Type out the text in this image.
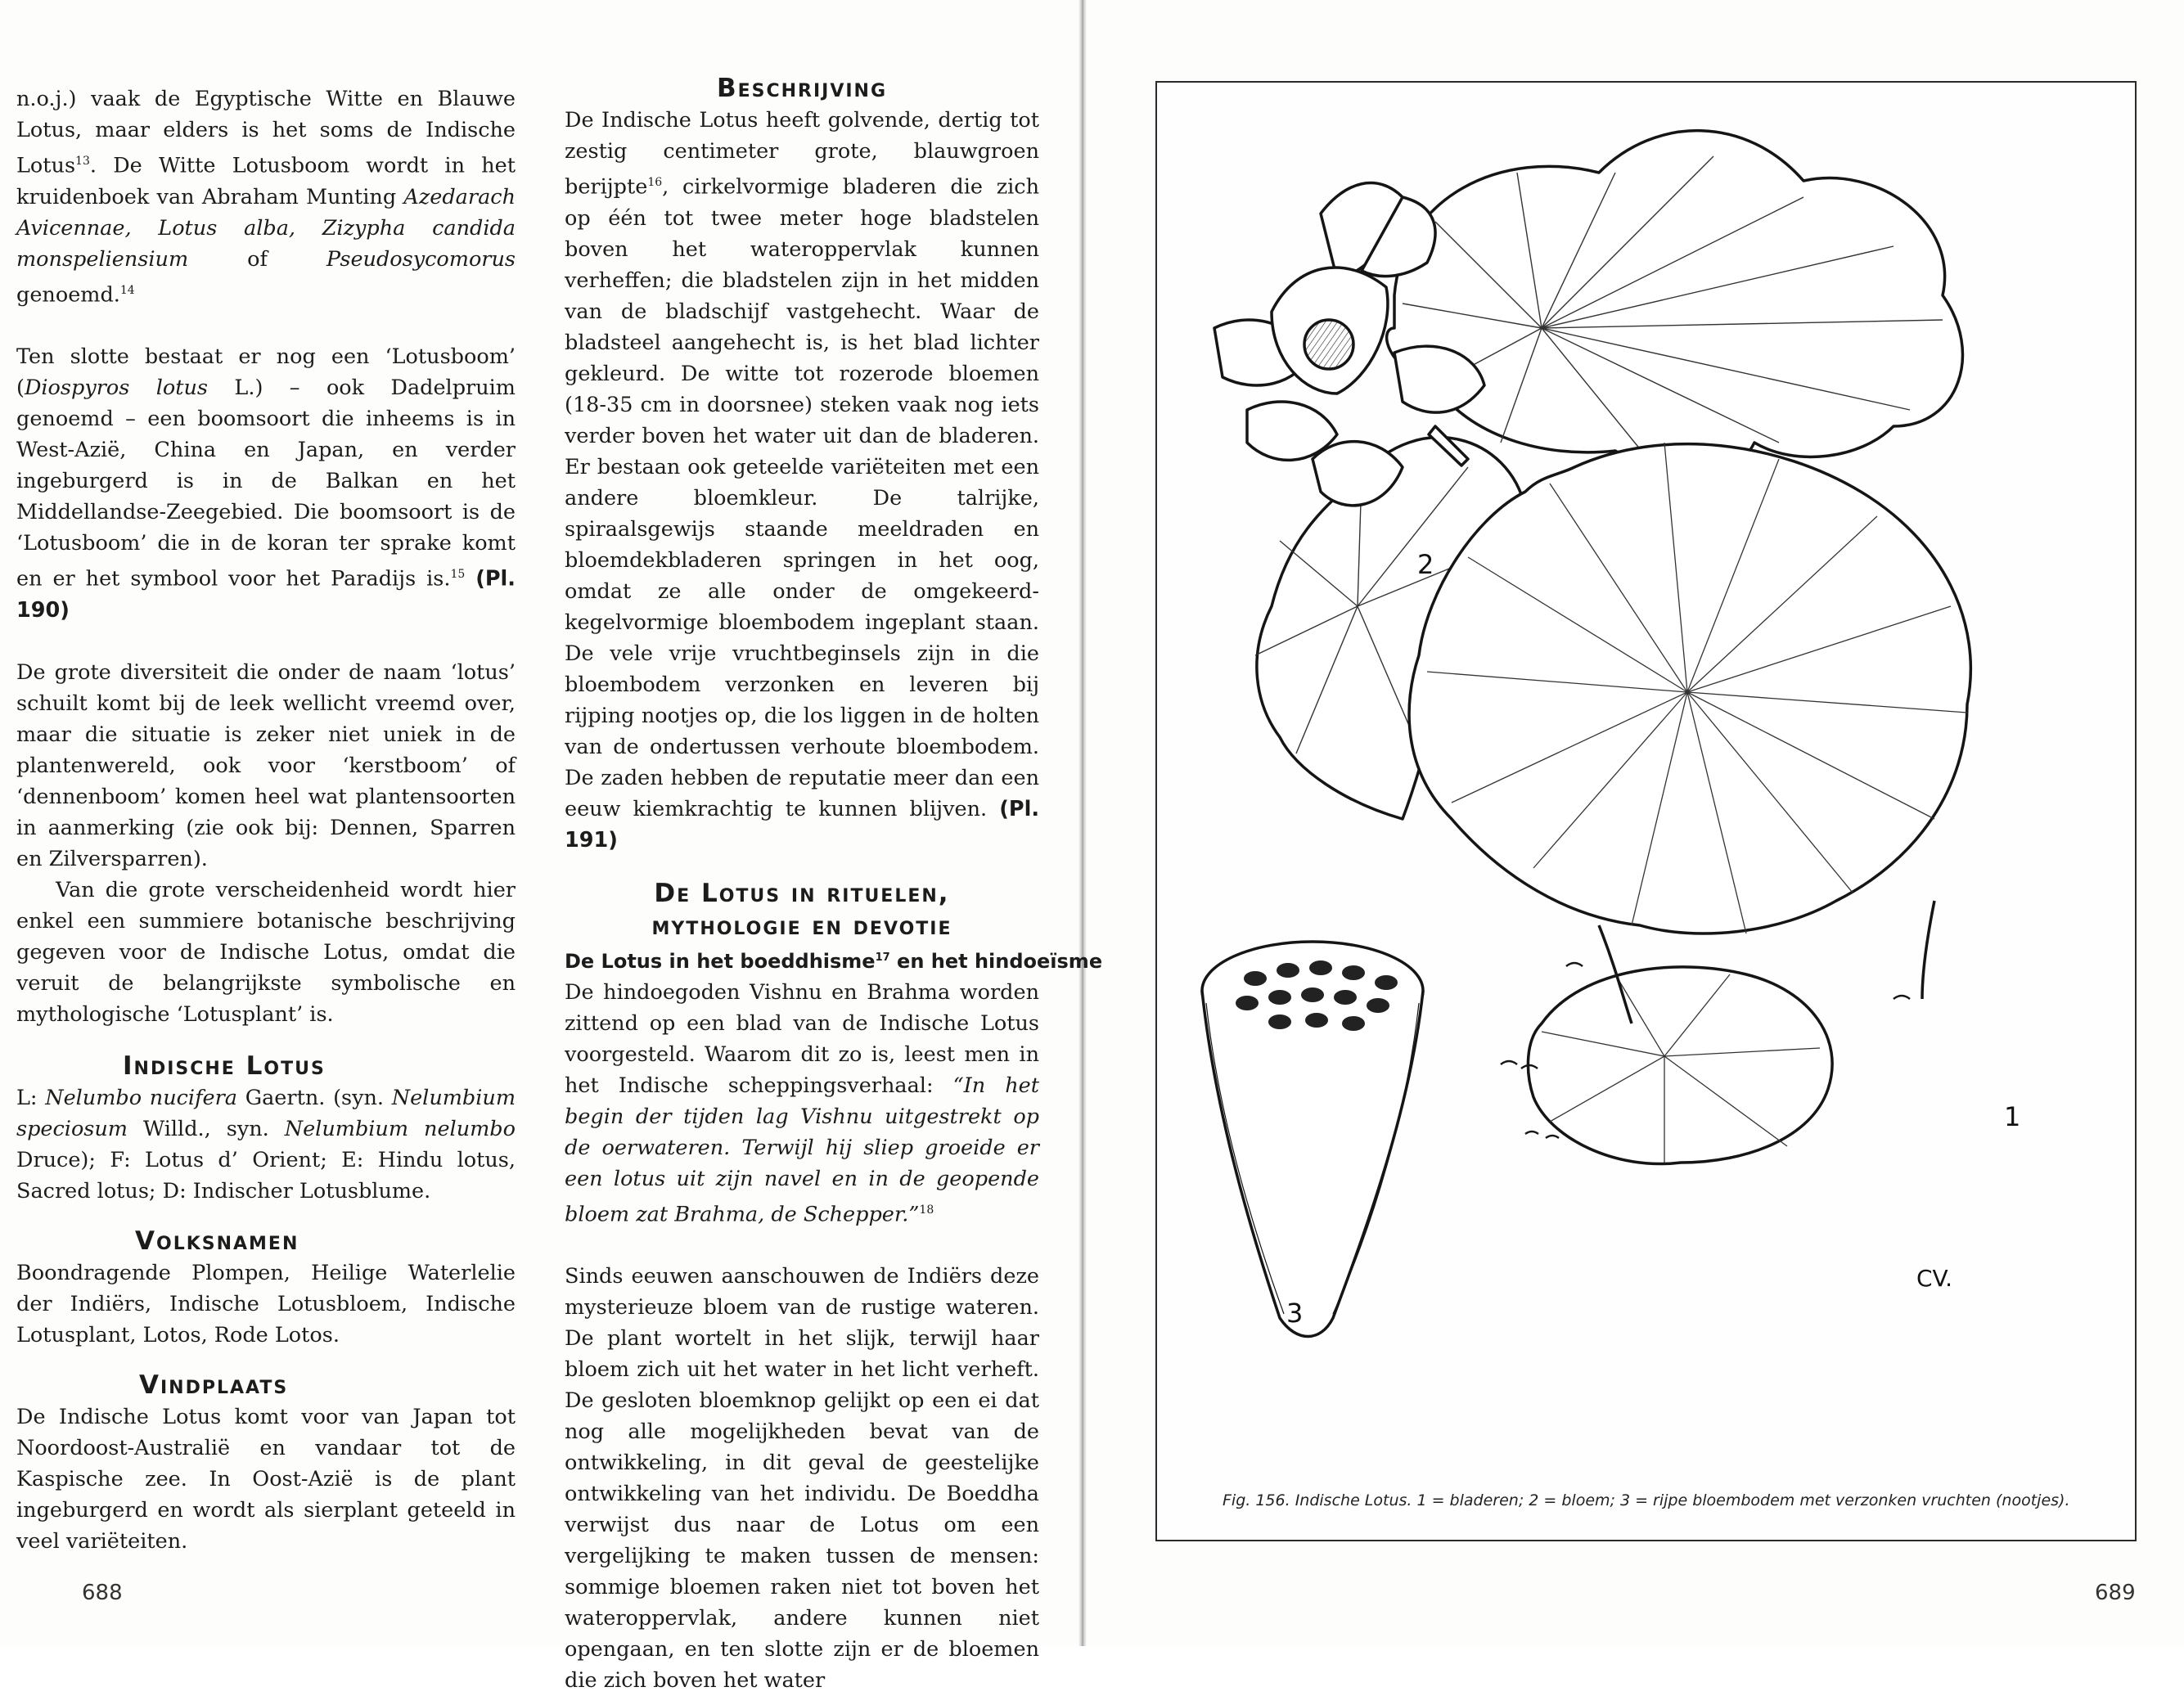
n.o.j.) vaak de Egyptische Witte en Blauwe Lotus, maar elders is het soms de Indische Lotus$^{13}$. De Witte Lotusboom wordt in het kruidenboek van Abraham Munting Azedarach Avicennae, Lotus alba, Zizypha candida monspeliensium of Pseudosycomorus genoemd.$^{14}$

Ten slotte bestaat er nog een ‘Lotusboom’ (Diospyros lotus L.) – ook Dadelpruim genoemd – een boomsoort die inheems is in West-Azië, China en Japan, en verder ingeburgerd is in de Balkan en het Middellandse-Zeegebied. Die boomsoort is de ‘Lotusboom’ die in de koran ter sprake komt en er het symbool voor het Paradijs is.$^{15}$ (Pl. 190)

De grote diversiteit die onder de naam ‘lotus’ schuilt komt bij de leek wellicht vreemd over, maar die situatie is zeker niet uniek in de plantenwereld, ook voor ‘kerstboom’ of ‘dennenboom’ komen heel wat plantensoorten in aanmerking (zie ook bij: Dennen, Sparren en Zilversparren).

Van die grote verscheidenheid wordt hier enkel een summiere botanische beschrijving gegeven voor de Indische Lotus, omdat die veruit de belangrijkste symbolische en mythologische ‘Lotusplant’ is.

Indische Lotus

L: Nelumbo nucifera Gaertn. (syn. Nelumbium speciosum Willd., syn. Nelumbium nelumbo Druce); F: Lotus d’ Orient; E: Hindu lotus, Sacred lotus; D: Indischer Lotusblume.

Volksnamen

Boondragende Plompen, Heilige Waterlelie der Indiërs, Indische Lotusbloem, Indische Lotusplant, Lotos, Rode Lotos.

Vindplaats

De Indische Lotus komt voor van Japan tot Noordoost-Australië en vandaar tot de Kaspische zee. In Oost-Azië is de plant ingeburgerd en wordt als sierplant geteeld in veel variëteiten.

Beschrijving

De Indische Lotus heeft golvende, dertig tot zestig centimeter grote, blauwgroen berijpte$^{16}$, cirkelvormige bladeren die zich op één tot twee meter hoge bladstelen boven het wateroppervlak kunnen verheffen; die bladstelen zijn in het midden van de bladschijf vastgehecht. Waar de bladsteel aangehecht is, is het blad lichter gekleurd. De witte tot rozerode bloemen (18-35 cm in doorsnee) steken vaak nog iets verder boven het water uit dan de bladeren. Er bestaan ook geteelde variëteiten met een andere bloemkleur. De talrijke, spiraalsgewijs staande meeldraden en bloemdekbladeren springen in het oog, omdat ze alle onder de omgekeerd-kegelvormige bloembodem ingeplant staan. De vele vrije vruchtbeginsels zijn in die bloembodem verzonken en leveren bij rijping nootjes op, die los liggen in de holten van de ondertussen verhoute bloembodem. De zaden hebben de reputatie meer dan een eeuw kiemkrachtig te kunnen blijven. (Pl. 191)

De Lotus in rituelen,
mythologie en devotie

De Lotus in het boeddhisme$^{17}$ en het hindoeïsme

De hindoegoden Vishnu en Brahma worden zittend op een blad van de Indische Lotus voorgesteld. Waarom dit zo is, leest men in het Indische scheppingsverhaal: “In het begin der tijden lag Vishnu uitgestrekt op de oerwateren. Terwijl hij sliep groeide er een lotus uit zijn navel en in de geopende bloem zat Brahma, de Schepper.”$^{18}$

Sinds eeuwen aanschouwen de Indiërs deze mysterieuze bloem van de rustige wateren. De plant wortelt in het slijk, terwijl haar bloem zich uit het water in het licht verheft. De gesloten bloemknop gelijkt op een ei dat nog alle mogelijkheden bevat van de ontwikkeling, in dit geval de geestelijke ontwikkeling van het individu. De Boeddha verwijst dus naar de Lotus om een vergelijking te maken tussen de mensen: sommige bloemen raken niet tot boven het wateroppervlak, andere kunnen niet opengaan, en ten slotte zijn er de bloemen die zich boven het water

688
1
2
3
CV.
Fig. 156. Indische Lotus. 1 = bladeren; 2 = bloem; 3 = rijpe bloembodem met verzonken vruchten (nootjes).
689
